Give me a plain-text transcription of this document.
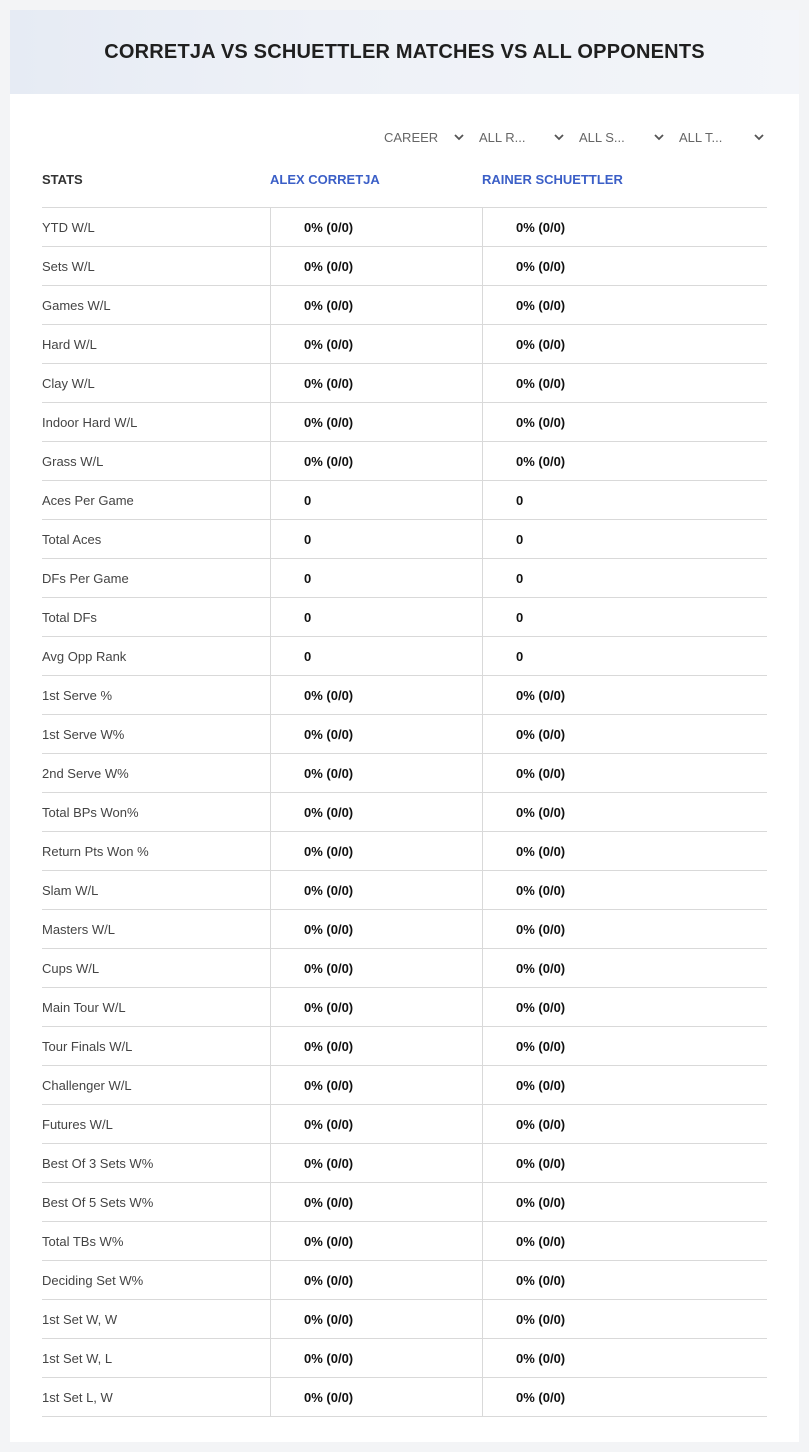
CORRETJA VS SCHUETTLER MATCHES VS ALL OPPONENTS
CAREER	ALL R...	ALL S...	ALL T...
STATS	ALEX CORRETJA	RAINER SCHUETTLER
YTD W/L	0% (0/0)	0% (0/0)
Sets W/L	0% (0/0)	0% (0/0)
Games W/L	0% (0/0)	0% (0/0)
Hard W/L	0% (0/0)	0% (0/0)
Clay W/L	0% (0/0)	0% (0/0)
Indoor Hard W/L	0% (0/0)	0% (0/0)
Grass W/L	0% (0/0)	0% (0/0)
Aces Per Game	0	0
Total Aces	0	0
DFs Per Game	0	0
Total DFs	0	0
Avg Opp Rank	0	0
1st Serve %	0% (0/0)	0% (0/0)
1st Serve W%	0% (0/0)	0% (0/0)
2nd Serve W%	0% (0/0)	0% (0/0)
Total BPs Won%	0% (0/0)	0% (0/0)
Return Pts Won %	0% (0/0)	0% (0/0)
Slam W/L	0% (0/0)	0% (0/0)
Masters W/L	0% (0/0)	0% (0/0)
Cups W/L	0% (0/0)	0% (0/0)
Main Tour W/L	0% (0/0)	0% (0/0)
Tour Finals W/L	0% (0/0)	0% (0/0)
Challenger W/L	0% (0/0)	0% (0/0)
Futures W/L	0% (0/0)	0% (0/0)
Best Of 3 Sets W%	0% (0/0)	0% (0/0)
Best Of 5 Sets W%	0% (0/0)	0% (0/0)
Total TBs W%	0% (0/0)	0% (0/0)
Deciding Set W%	0% (0/0)	0% (0/0)
1st Set W, W	0% (0/0)	0% (0/0)
1st Set W, L	0% (0/0)	0% (0/0)
1st Set L, W	0% (0/0)	0% (0/0)
